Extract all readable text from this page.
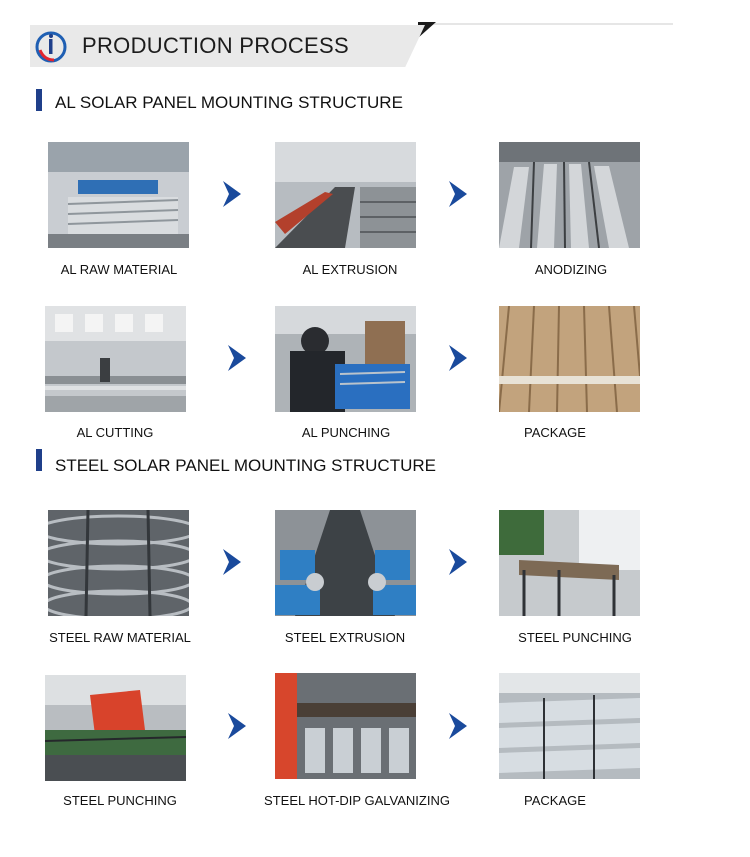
PRODUCTION PROCESS
AL SOLAR PANEL MOUNTING STRUCTURE
STEEL SOLAR PANEL MOUNTING STRUCTURE
AL RAW MATERIAL	AL EXTRUSION	ANODIZING
AL CUTTING	AL PUNCHING	PACKAGE
STEEL RAW MATERIAL	STEEL EXTRUSION	STEEL PUNCHING
STEEL PUNCHING	STEEL HOT-DIP GALVANIZING	PACKAGE
